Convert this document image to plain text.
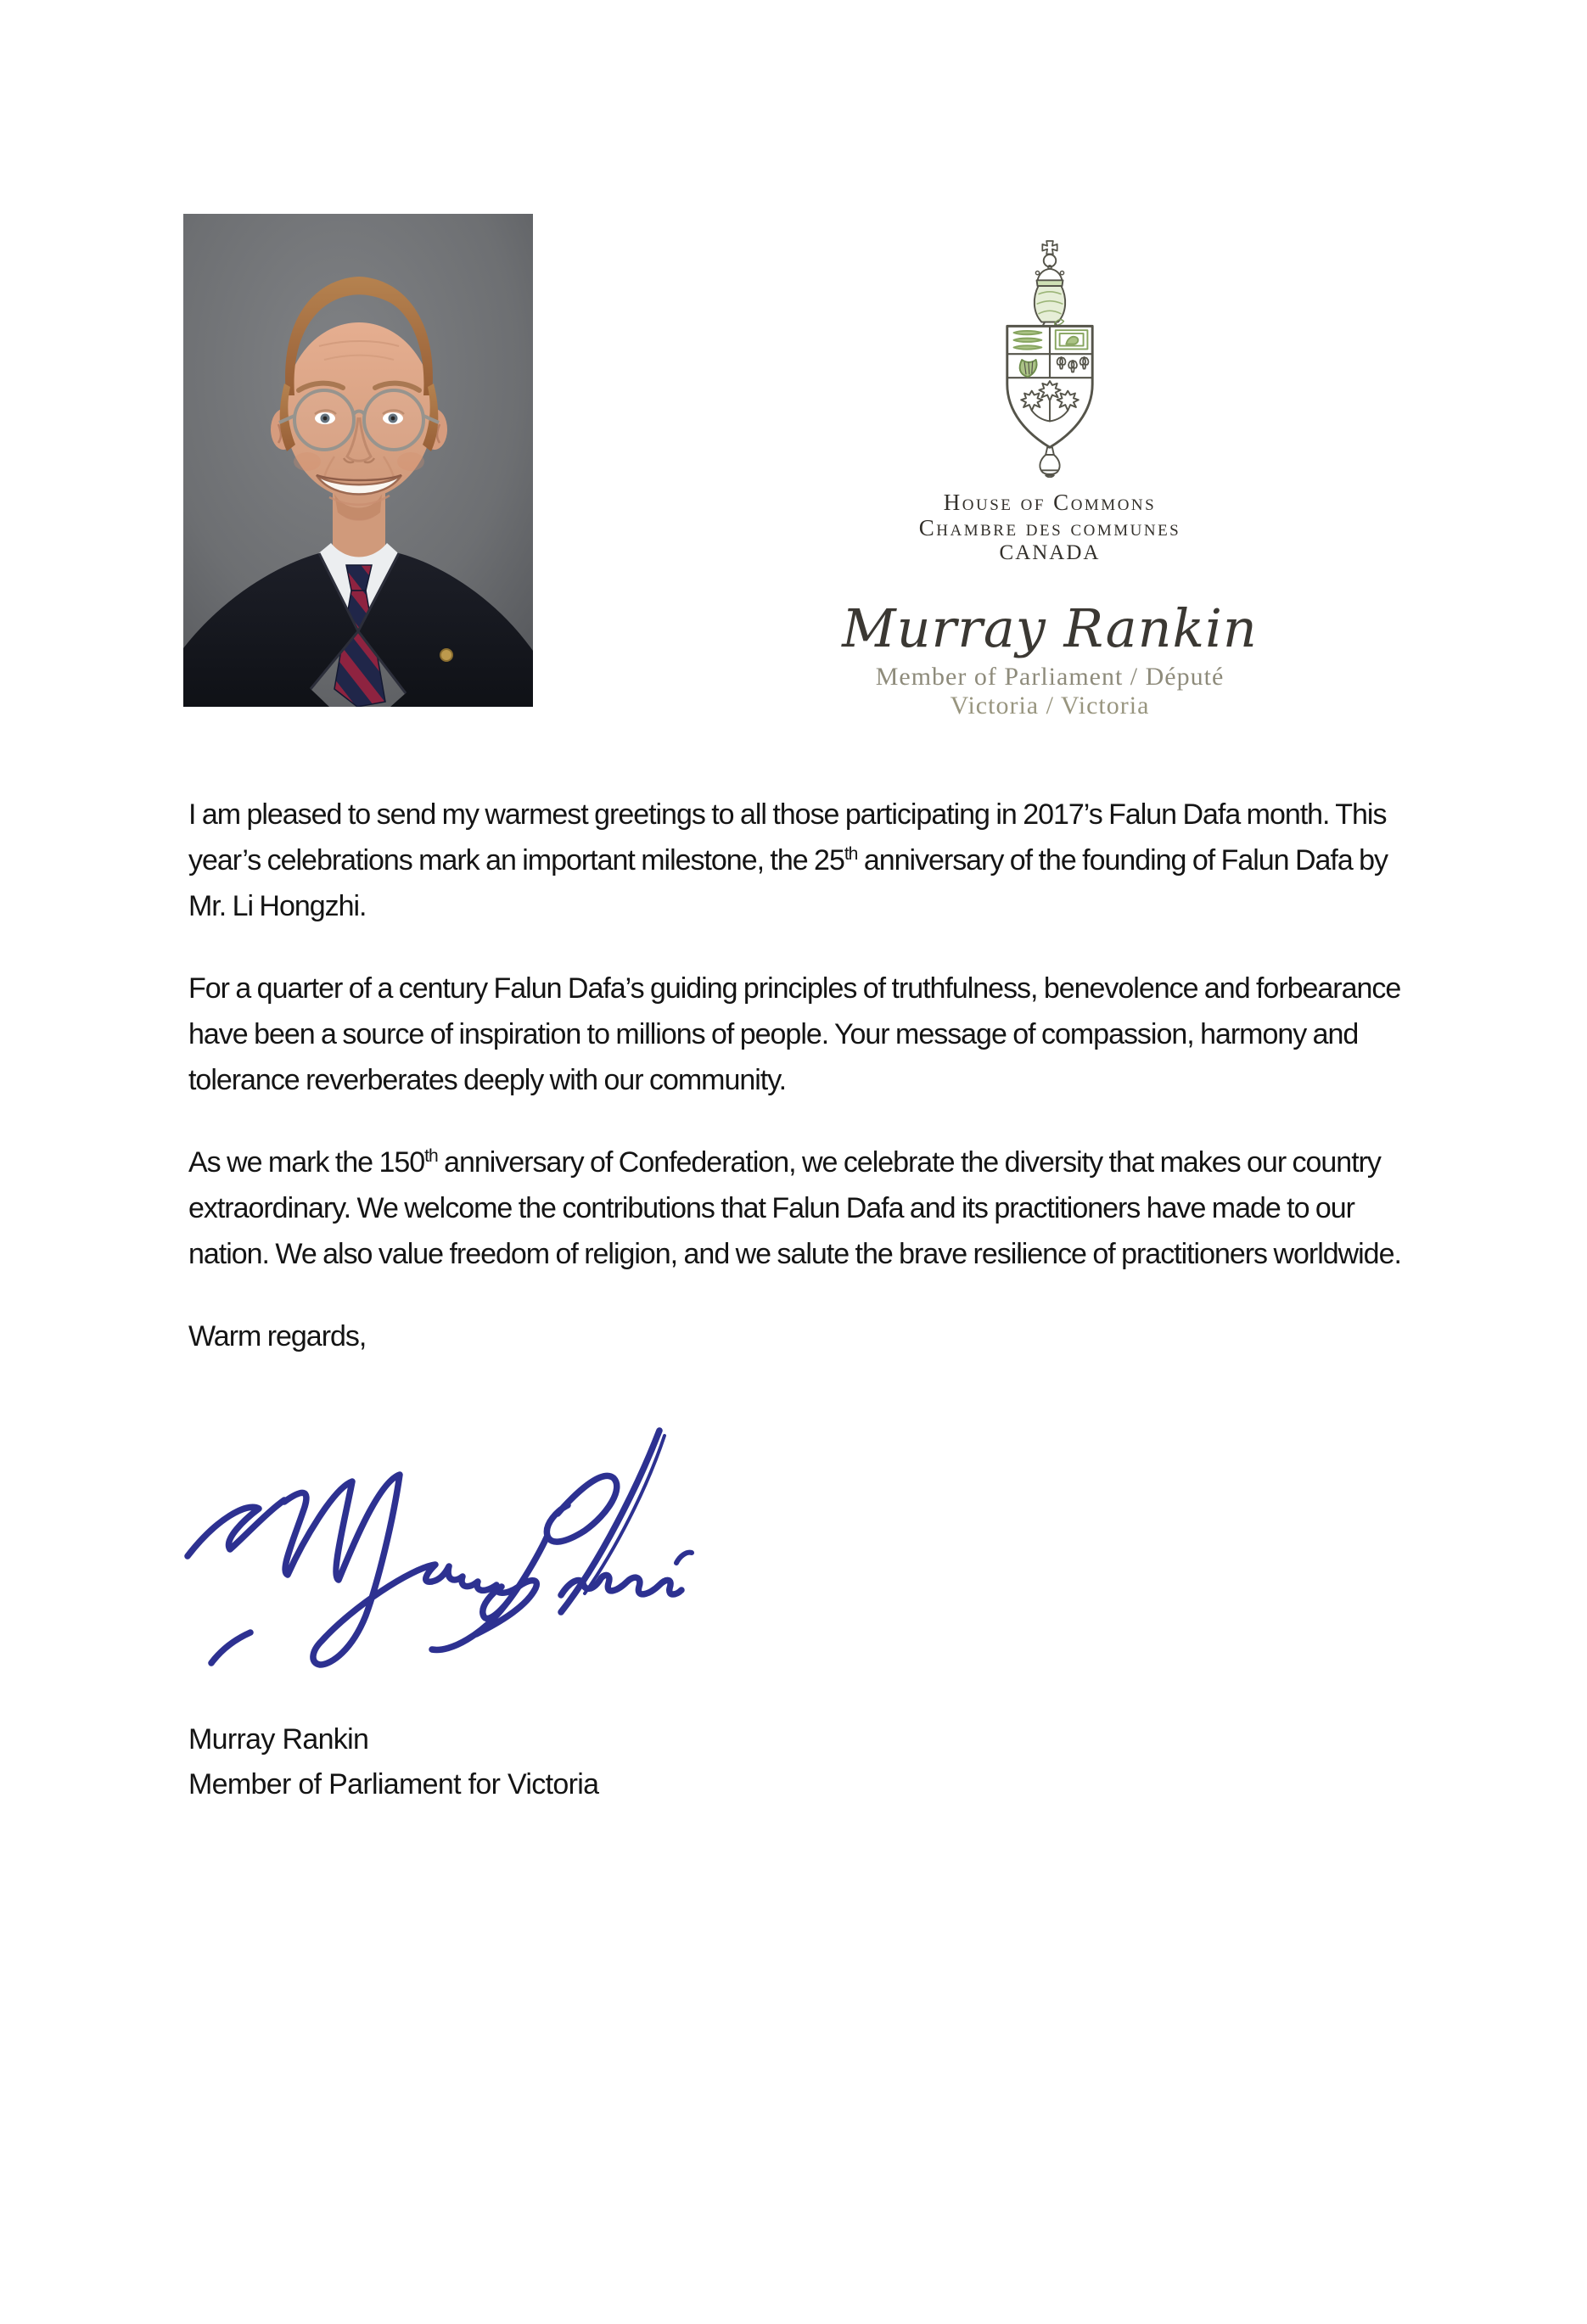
House of Commons
Chambre des communes
CANADA
Murray Rankin
Member of Parliament / Député
Victoria / Victoria

I am pleased to send my warmest greetings to all those participating in 2017’s Falun Dafa month. This year’s celebrations mark an important milestone, the 25th anniversary of the founding of Falun Dafa by Mr. Li Hongzhi.

For a quarter of a century Falun Dafa’s guiding principles of truthfulness, benevolence and forbearance have been a source of inspiration to millions of people. Your message of compassion, harmony and tolerance reverberates deeply with our community.

As we mark the 150th anniversary of Confederation, we celebrate the diversity that makes our country extraordinary. We welcome the contributions that Falun Dafa and its practitioners have made to our nation. We also value freedom of religion, and we salute the brave resilience of practitioners worldwide.

Warm regards,

Murray Rankin
Member of Parliament for Victoria
